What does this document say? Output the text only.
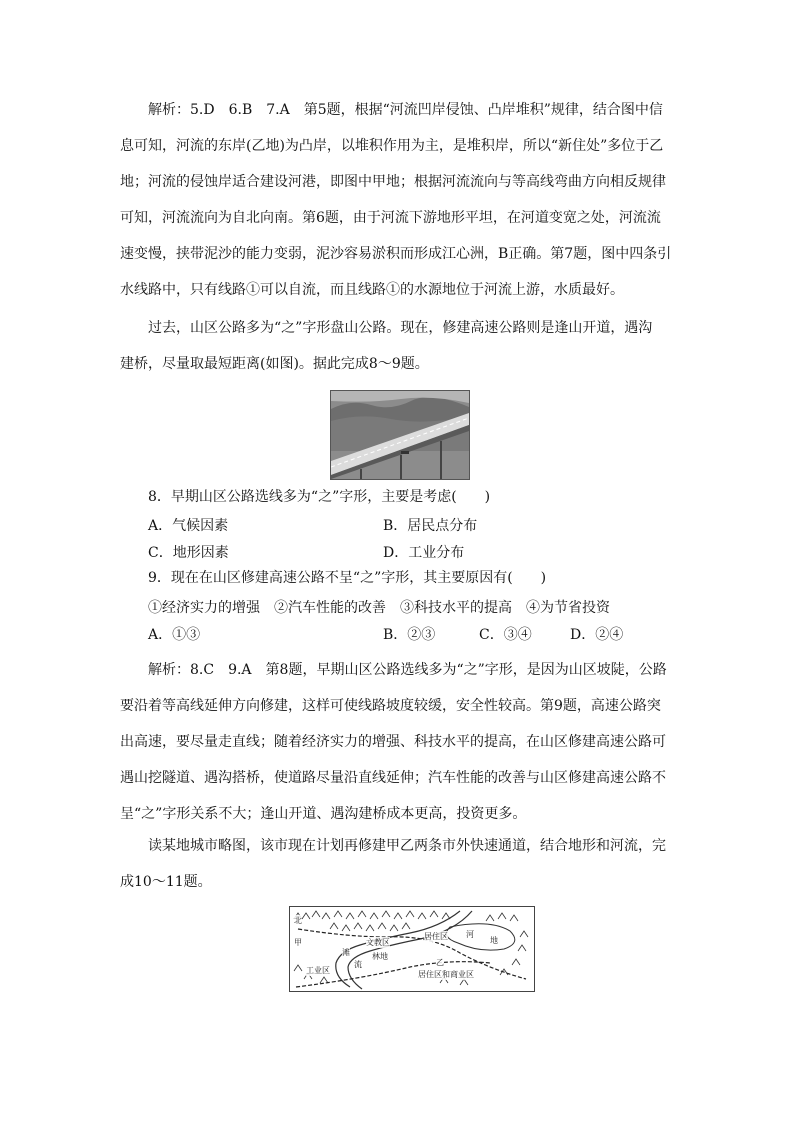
解析：5.D　6.B　7.A　第5题，根据“河流凹岸侵蚀、凸岸堆积”规律，结合图中信
息可知，河流的东岸(乙地)为凸岸，以堆积作用为主，是堆积岸，所以“新住处”多位于乙
地；河流的侵蚀岸适合建设河港，即图中甲地；根据河流流向与等高线弯曲方向相反规律
可知，河流流向为自北向南。第6题，由于河流下游地形平坦，在河道变宽之处，河流流
速变慢，挟带泥沙的能力变弱，泥沙容易淤积而形成江心洲，B正确。第7题，图中四条引
水线路中，只有线路①可以自流，而且线路①的水源地位于河流上游，水质最好。
过去，山区公路多为“之”字形盘山公路。现在，修建高速公路则是逢山开道，遇沟
建桥，尽量取最短距离(如图)。据此完成8～9题。
8．早期山区公路选线多为“之”字形，主要是考虑(　　)
A．气候因素	B．居民点分布
C．地形因素	D．工业分布
9．现在在山区修建高速公路不呈“之”字形，其主要原因有(　　)
①经济实力的增强　②汽车性能的改善　③科技水平的提高　④为节省投资
A．①③	B．②③	C．③④	D．②④
解析：8.C　9.A　第8题，早期山区公路选线多为“之”字形，是因为山区坡陡，公路
要沿着等高线延伸方向修建，这样可使线路坡度较缓，安全性较高。第9题，高速公路突
出高速，要尽量走直线；随着经济实力的增强、科技水平的提高，在山区修建高速公路可
遇山挖隧道、遇沟搭桥，使道路尽量沿直线延伸；汽车性能的改善与山区修建高速公路不
呈“之”字形关系不大；逢山开道、遇沟建桥成本更高，投资更多。
读某地城市略图，该市现在计划再修建甲乙两条市外快速通道，结合地形和河流，完
成10～11题。
北
甲	文教区
滩	林地
居住区 河
地
流
工业区
乙
居住区和商业区
